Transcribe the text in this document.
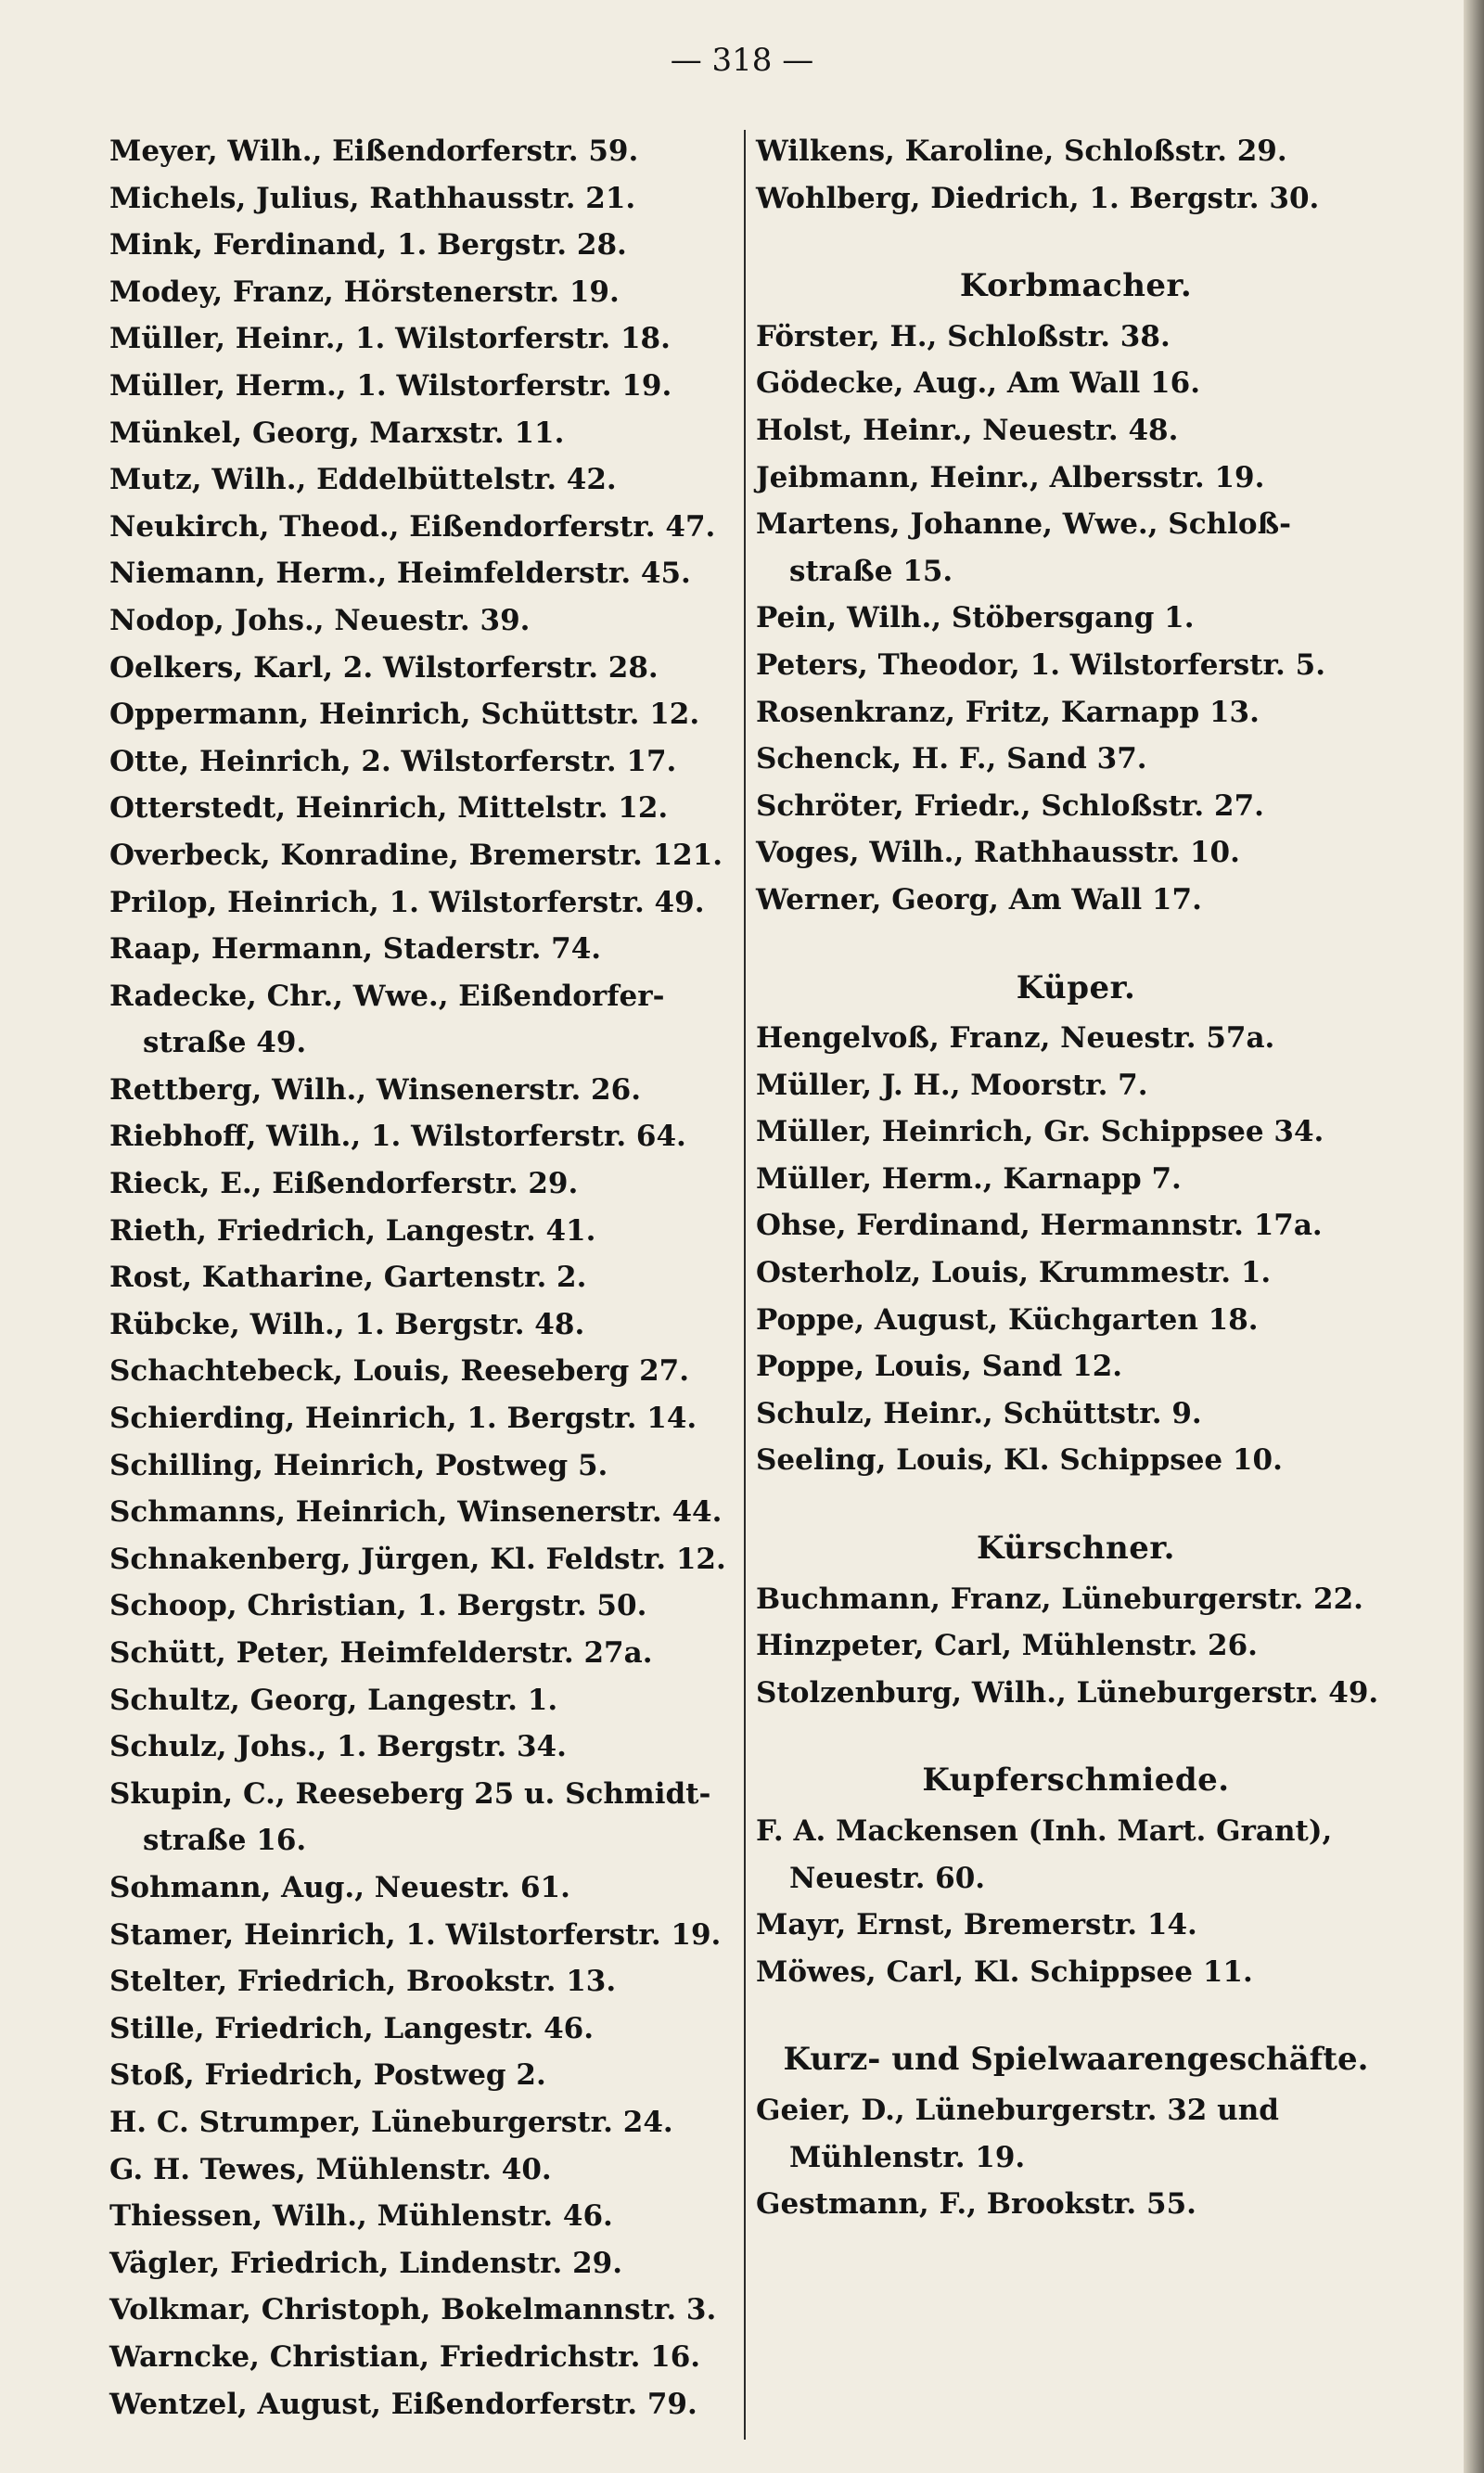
— 318 —
Meyer, Wilh., Eißendorferstr. 59.
Michels, Julius, Rathhausstr. 21.
Mink, Ferdinand, 1. Bergstr. 28.
Modey, Franz, Hörstenerstr. 19.
Müller, Heinr., 1. Wilstorferstr. 18.
Müller, Herm., 1. Wilstorferstr. 19.
Münkel, Georg, Marxstr. 11.
Mutz, Wilh., Eddelbüttelstr. 42.
Neukirch, Theod., Eißendorferstr. 47.
Niemann, Herm., Heimfelderstr. 45.
Nodop, Johs., Neuestr. 39.
Oelkers, Karl, 2. Wilstorferstr. 28.
Oppermann, Heinrich, Schüttstr. 12.
Otte, Heinrich, 2. Wilstorferstr. 17.
Otterstedt, Heinrich, Mittelstr. 12.
Overbeck, Konradine, Bremerstr. 121.
Prilop, Heinrich, 1. Wilstorferstr. 49.
Raap, Hermann, Staderstr. 74.
Radecke, Chr., Wwe., Eißendorfer-
straße 49.
Rettberg, Wilh., Winsenerstr. 26.
Riebhoff, Wilh., 1. Wilstorferstr. 64.
Rieck, E., Eißendorferstr. 29.
Rieth, Friedrich, Langestr. 41.
Rost, Katharine, Gartenstr. 2.
Rübcke, Wilh., 1. Bergstr. 48.
Schachtebeck, Louis, Reeseberg 27.
Schierding, Heinrich, 1. Bergstr. 14.
Schilling, Heinrich, Postweg 5.
Schmanns, Heinrich, Winsenerstr. 44.
Schnakenberg, Jürgen, Kl. Feldstr. 12.
Schoop, Christian, 1. Bergstr. 50.
Schütt, Peter, Heimfelderstr. 27a.
Schultz, Georg, Langestr. 1.
Schulz, Johs., 1. Bergstr. 34.
Skupin, C., Reeseberg 25 u. Schmidt-
straße 16.
Sohmann, Aug., Neuestr. 61.
Stamer, Heinrich, 1. Wilstorferstr. 19.
Stelter, Friedrich, Brookstr. 13.
Stille, Friedrich, Langestr. 46.
Stoß, Friedrich, Postweg 2.
H. C. Strumper, Lüneburgerstr. 24.
G. H. Tewes, Mühlenstr. 40.
Thiessen, Wilh., Mühlenstr. 46.
Vägler, Friedrich, Lindenstr. 29.
Volkmar, Christoph, Bokelmannstr. 3.
Warncke, Christian, Friedrichstr. 16.
Wentzel, August, Eißendorferstr. 79.
Wilkens, Karoline, Schloßstr. 29.
Wohlberg, Diedrich, 1. Bergstr. 30.
Korbmacher.
Förster, H., Schloßstr. 38.
Gödecke, Aug., Am Wall 16.
Holst, Heinr., Neuestr. 48.
Jeibmann, Heinr., Albersstr. 19.
Martens, Johanne, Wwe., Schloß-
straße 15.
Pein, Wilh., Stöbersgang 1.
Peters, Theodor, 1. Wilstorferstr. 5.
Rosenkranz, Fritz, Karnapp 13.
Schenck, H. F., Sand 37.
Schröter, Friedr., Schloßstr. 27.
Voges, Wilh., Rathhausstr. 10.
Werner, Georg, Am Wall 17.
Küper.
Hengelvoß, Franz, Neuestr. 57a.
Müller, J. H., Moorstr. 7.
Müller, Heinrich, Gr. Schippsee 34.
Müller, Herm., Karnapp 7.
Ohse, Ferdinand, Hermannstr. 17a.
Osterholz, Louis, Krummestr. 1.
Poppe, August, Küchgarten 18.
Poppe, Louis, Sand 12.
Schulz, Heinr., Schüttstr. 9.
Seeling, Louis, Kl. Schippsee 10.
Kürschner.
Buchmann, Franz, Lüneburgerstr. 22.
Hinzpeter, Carl, Mühlenstr. 26.
Stolzenburg, Wilh., Lüneburgerstr. 49.
Kupferschmiede.
F. A. Mackensen (Inh. Mart. Grant),
Neuestr. 60.
Mayr, Ernst, Bremerstr. 14.
Möwes, Carl, Kl. Schippsee 11.
Kurz- und Spielwaarengeschäfte.
Geier, D., Lüneburgerstr. 32 und
Mühlenstr. 19.
Gestmann, F., Brookstr. 55.
